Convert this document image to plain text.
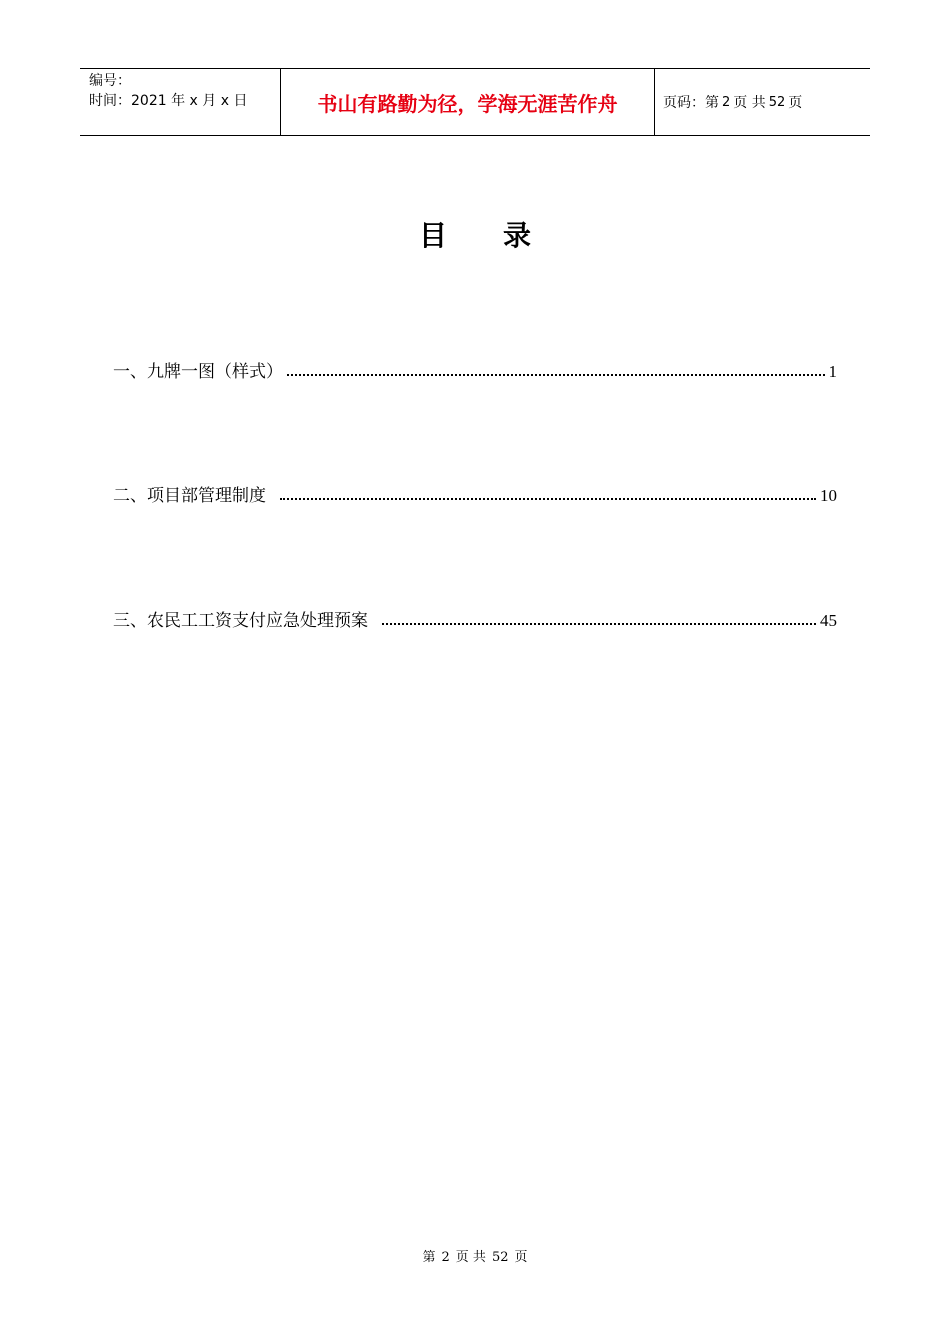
编号：
时间：2021 年 x 月 x 日	书山有路勤为径，学海无涯苦作舟	页码：第 2 页 共 52 页
目 录
一、九牌一图（样式）	1
二、项目部管理制度	10
三、农民工工资支付应急处理预案	45
第 2 页 共 52 页
